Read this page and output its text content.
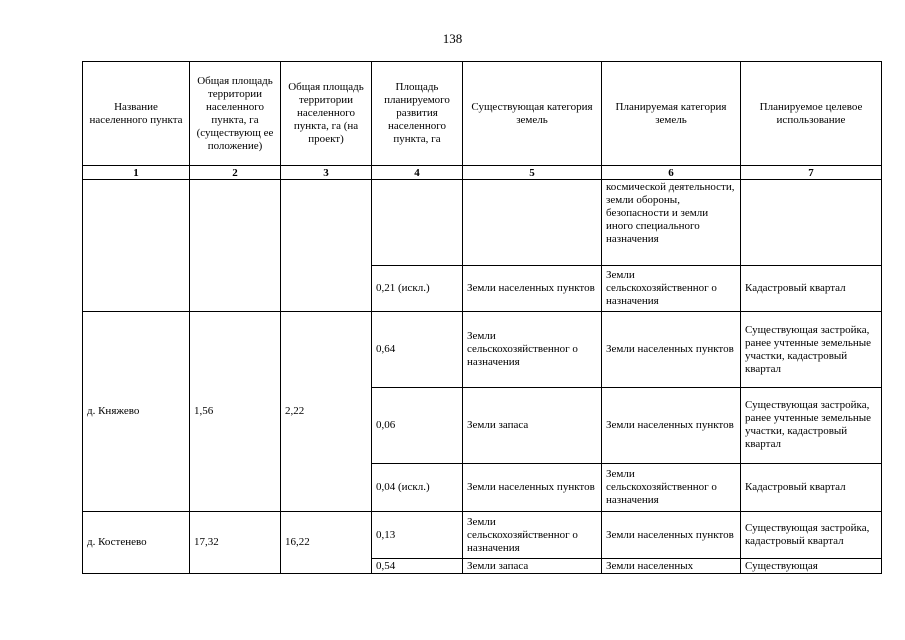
138
Название населенного пункта	Общая площадь территории населенного пункта, га (существующ ее положение)	Общая площадь территории населенного пункта, га (на проект)	Площадь планируемого развития населенного пункта, га	Существующая категория земель	Планируемая категория земель	Планируемое целевое использование
1	2	3	4	5	6	7
					космической деятельности, земли обороны, безопасности и земли иного специального назначения	
			0,21 (искл.)	Земли населенных пунктов	Земли сельскохозяйственног о назначения	Кадастровый квартал
д. Княжево	1,56	2,22	0,64	Земли сельскохозяйственног о назначения	Земли населенных пунктов	Существующая застройка, ранее учтенные земельные участки, кадастровый квартал
			0,06	Земли запаса	Земли населенных пунктов	Существующая застройка, ранее учтенные земельные участки, кадастровый квартал
			0,04 (искл.)	Земли населенных пунктов	Земли сельскохозяйственног о назначения	Кадастровый квартал
д. Костенево	17,32	16,22	0,13	Земли сельскохозяйственног о назначения	Земли населенных пунктов	Существующая застройка, кадастровый квартал
			0,54	Земли запаса	Земли населенных	Существующая
